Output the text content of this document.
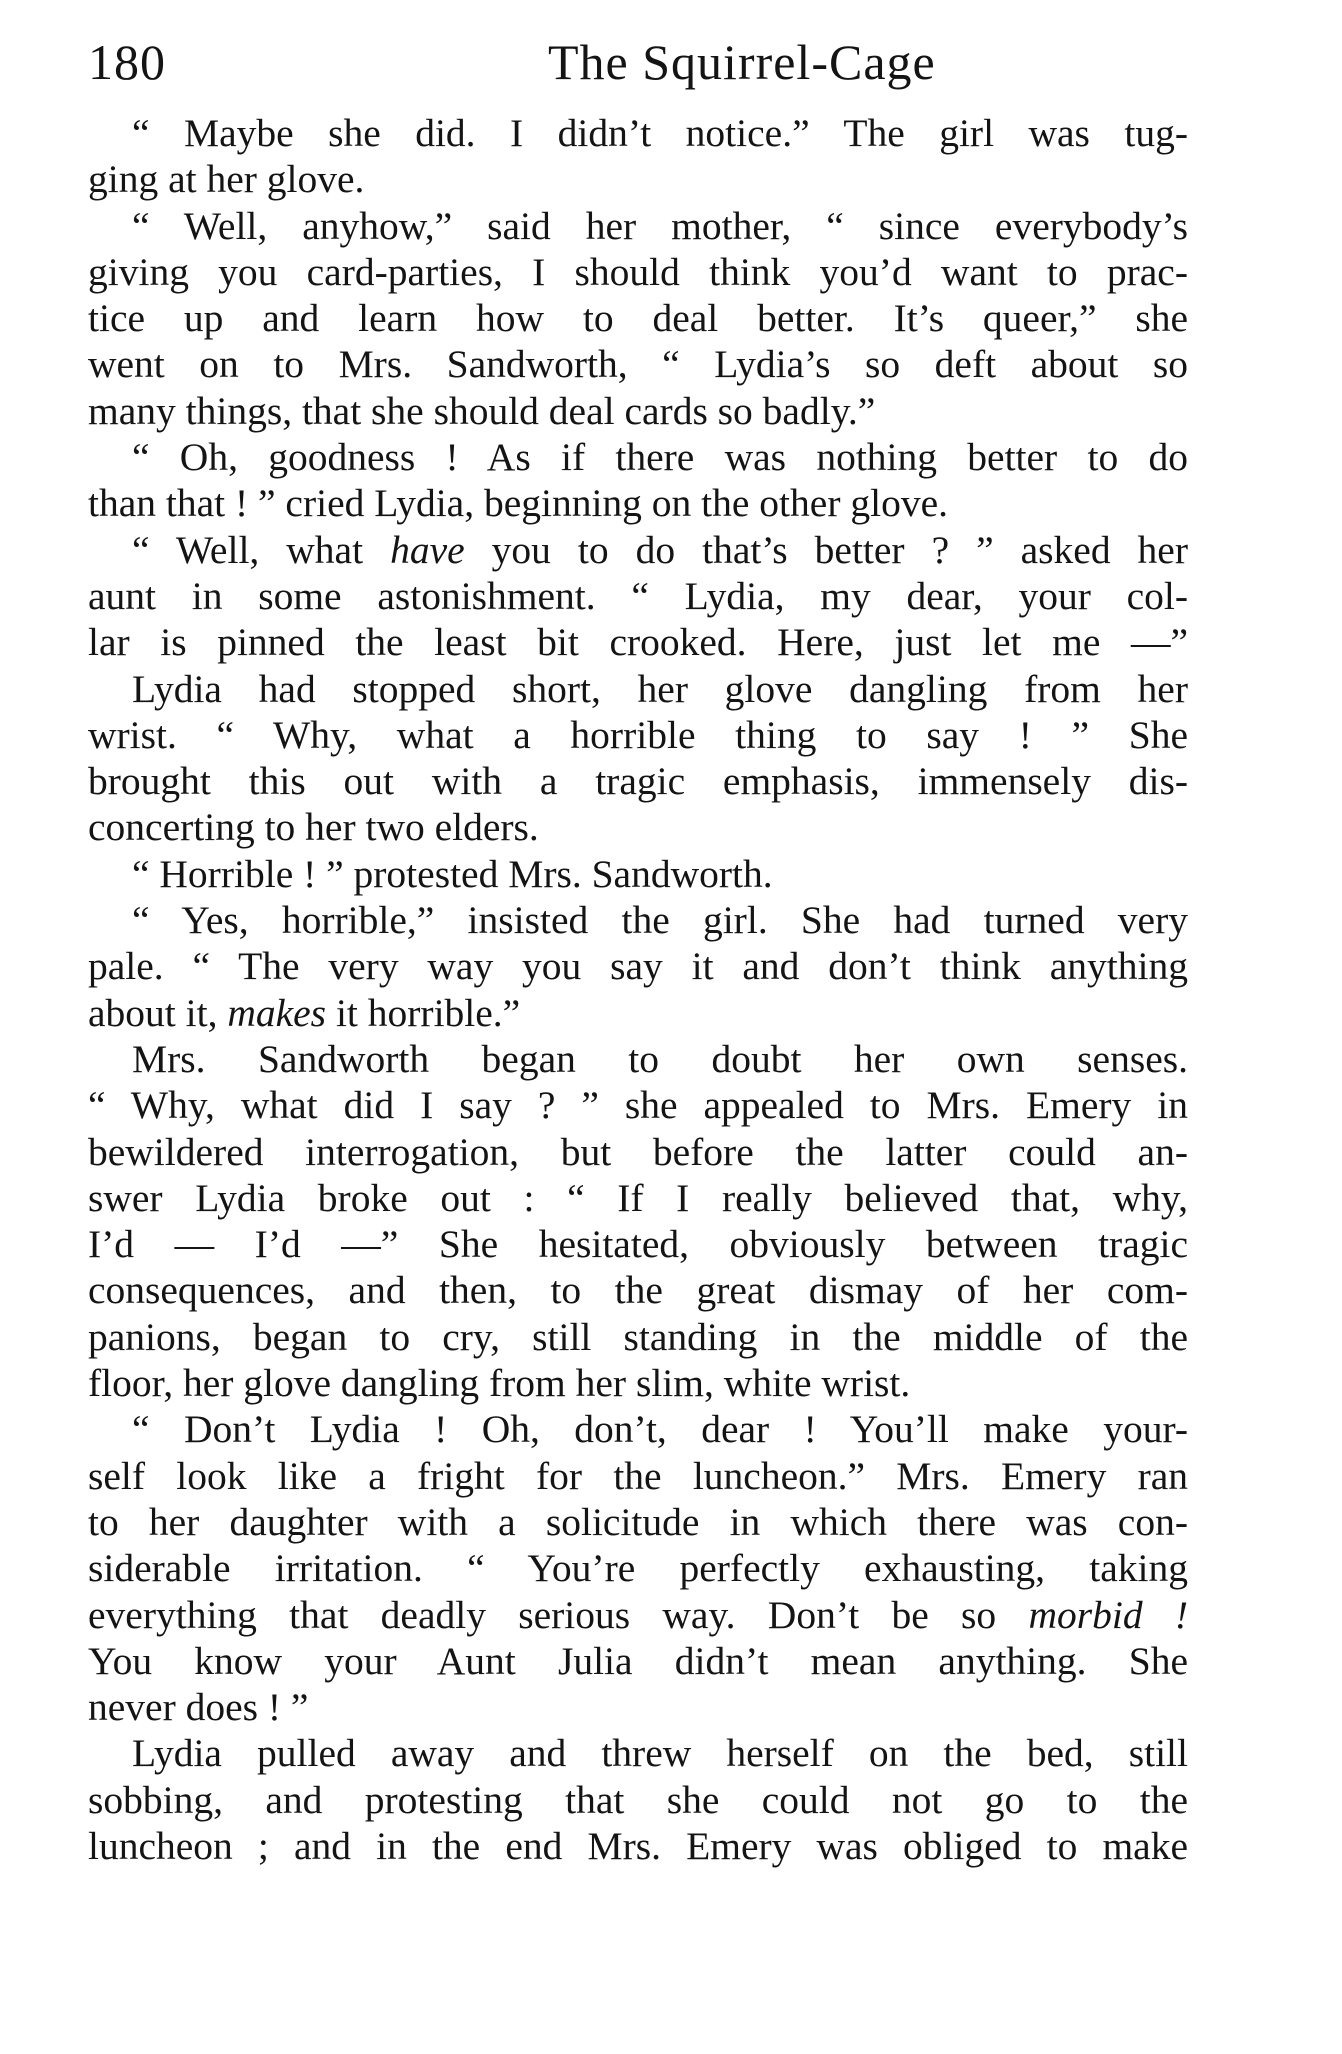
180	The Squirrel-Cage
“ Maybe she did. I didn’t notice.” The girl was tug-
ging at her glove.
“ Well, anyhow,” said her mother, “ since everybody’s
giving you card-parties, I should think you’d want to prac-
tice up and learn how to deal better. It’s queer,” she
went on to Mrs. Sandworth, “ Lydia’s so deft about so
many things, that she should deal cards so badly.”
“ Oh, goodness ! As if there was nothing better to do
than that ! ” cried Lydia, beginning on the other glove.
“ Well, what have you to do that’s better ? ” asked her
aunt in some astonishment. “ Lydia, my dear, your col-
lar is pinned the least bit crooked. Here, just let me —”
Lydia had stopped short, her glove dangling from her
wrist. “ Why, what a horrible thing to say ! ” She
brought this out with a tragic emphasis, immensely dis-
concerting to her two elders.
“ Horrible ! ” protested Mrs. Sandworth.
“ Yes, horrible,” insisted the girl. She had turned very
pale. “ The very way you say it and don’t think anything
about it, makes it horrible.”
Mrs. Sandworth began to doubt her own senses.
“ Why, what did I say ? ” she appealed to Mrs. Emery in
bewildered interrogation, but before the latter could an-
swer Lydia broke out : “ If I really believed that, why,
I’d — I’d —” She hesitated, obviously between tragic
consequences, and then, to the great dismay of her com-
panions, began to cry, still standing in the middle of the
floor, her glove dangling from her slim, white wrist.
“ Don’t Lydia ! Oh, don’t, dear ! You’ll make your-
self look like a fright for the luncheon.” Mrs. Emery ran
to her daughter with a solicitude in which there was con-
siderable irritation. “ You’re perfectly exhausting, taking
everything that deadly serious way. Don’t be so morbid !
You know your Aunt Julia didn’t mean anything. She
never does ! ”
Lydia pulled away and threw herself on the bed, still
sobbing, and protesting that she could not go to the
luncheon ; and in the end Mrs. Emery was obliged to make
